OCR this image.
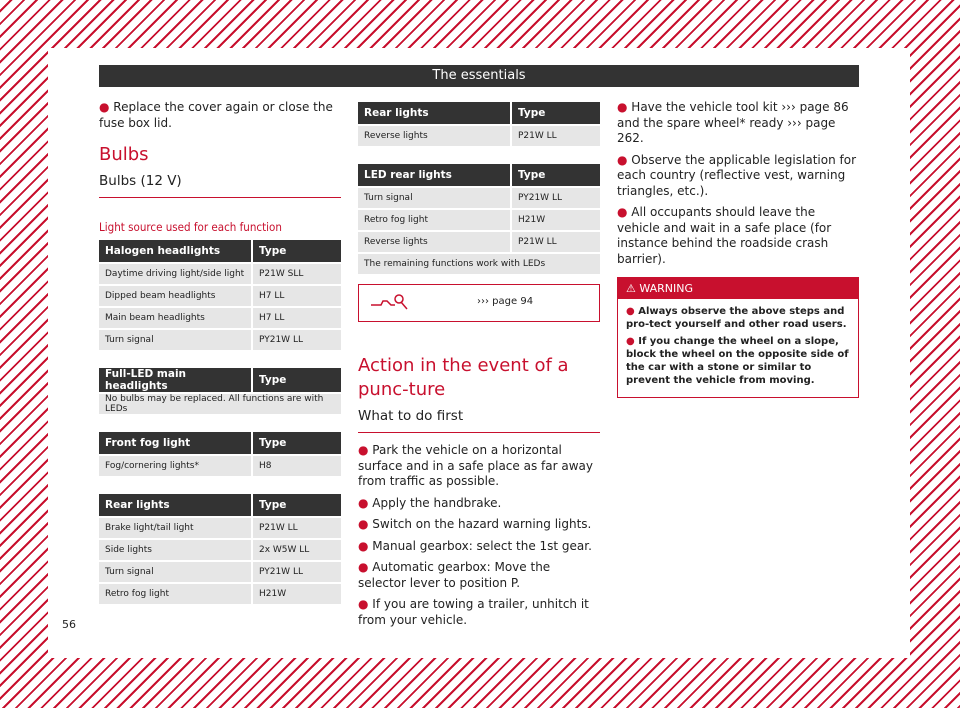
The essentials

● Replace the cover again or close the fuse box lid.

Bulbs
Bulbs (12 V)
Light source used for each function
Halogen headlights	Type
Daytime driving light/side light	P21W SLL
Dipped beam headlights	H7 LL
Main beam headlights	H7 LL
Turn signal	PY21W LL
Full-LED main headlights	Type
No bulbs may be replaced. All functions are with LEDs
Front fog light	Type
Fog/cornering lights*	H8
Rear lights	Type
Brake light/tail light	P21W LL
Side lights	2x W5W LL
Turn signal	PY21W LL
Retro fog light	H21W
Rear lights	Type
Reverse lights	P21W LL
LED rear lights	Type
Turn signal	PY21W LL
Retro fog light	H21W
Reverse lights	P21W LL
The remaining functions work with LEDs	
››› page 94
Action in the event of a punc-ture
What to do first

● Park the vehicle on a horizontal surface and in a safe place as far away from traffic as possible.

● Apply the handbrake.

● Switch on the hazard warning lights.

● Manual gearbox: select the 1st gear.

● Automatic gearbox: Move the selector lever to position P.

● If you are towing a trailer, unhitch it from your vehicle.

● Have the vehicle tool kit ››› page 86 and the spare wheel* ready ››› page 262.

● Observe the applicable legislation for each country (reflective vest, warning triangles, etc.).

● All occupants should leave the vehicle and wait in a safe place (for instance behind the roadside crash barrier).

⚠ WARNING

● Always observe the above steps and pro-tect yourself and other road users.

● If you change the wheel on a slope, block the wheel on the opposite side of the car with a stone or similar to prevent the vehicle from moving.

56
